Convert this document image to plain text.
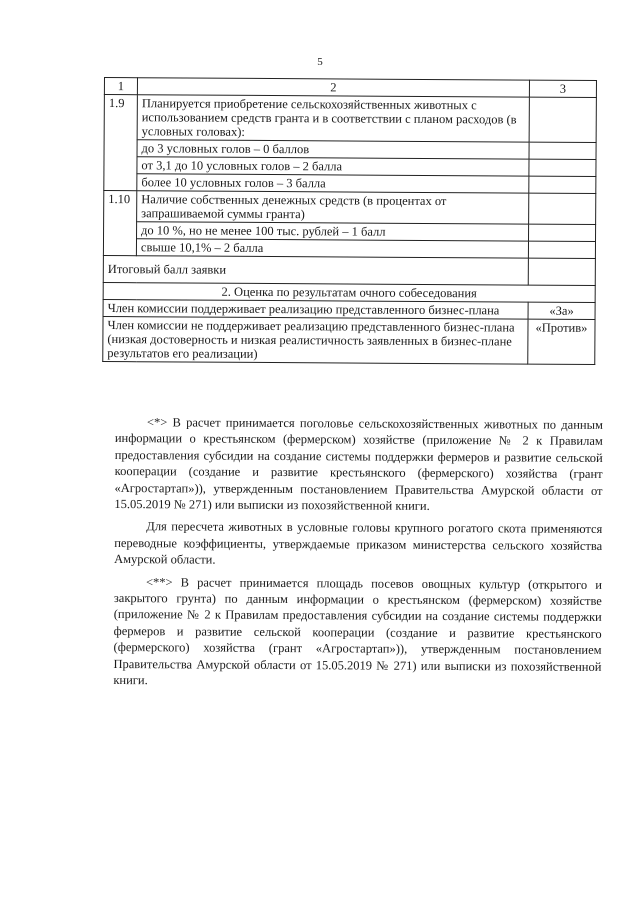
5
1	2	3
1.9	Планируется приобретение сельскохозяйственных животных с использованием средств гранта и в соответствии с планом расходов (в условных головах):	
	до 3 условных голов – 0 баллов	
	от 3,1 до 10 условных голов – 2 балла	
	более 10 условных голов – 3 балла	
1.10	Наличие собственных денежных средств (в процентах от запрашиваемой суммы гранта)	
	до 10 %, но не менее 100 тыс. рублей – 1 балл	
	свыше 10,1% – 2 балла	
Итоговый балл заявки		
2. Оценка по результатам очного собеседования		
Член комиссии поддерживает реализацию представленного бизнес-плана		«За»
Член комиссии не поддерживает реализацию представленного бизнес-плана (низкая достоверность и низкая реалистичность заявленных в бизнес-плане результатов его реализации)		«Против»

<*> В расчет принимается поголовье сельскохозяйственных животных по данным информации о крестьянском (фермерском) хозяйстве (приложение № 2 к Правилам предоставления субсидии на создание системы поддержки фермеров и развитие сельской кооперации (создание и развитие крестьянского (фермерского) хозяйства (грант «Агростартап»)), утвержденным постановлением Правительства Амурской области от 15.05.2019 № 271) или выписки из похозяйственной книги.

Для пересчета животных в условные головы крупного рогатого скота применяются переводные коэффициенты, утверждаемые приказом министерства сельского хозяйства Амурской области.

<**> В расчет принимается площадь посевов овощных культур (открытого и закрытого грунта) по данным информации о крестьянском (фермерском) хозяйстве (приложение № 2 к Правилам предоставления субсидии на создание системы поддержки фермеров и развитие сельской кооперации (создание и развитие крестьянского (фермерского) хозяйства (грант «Агростартап»)), утвержденным постановлением Правительства Амурской области от 15.05.2019 № 271) или выписки из похозяйственной книги.
